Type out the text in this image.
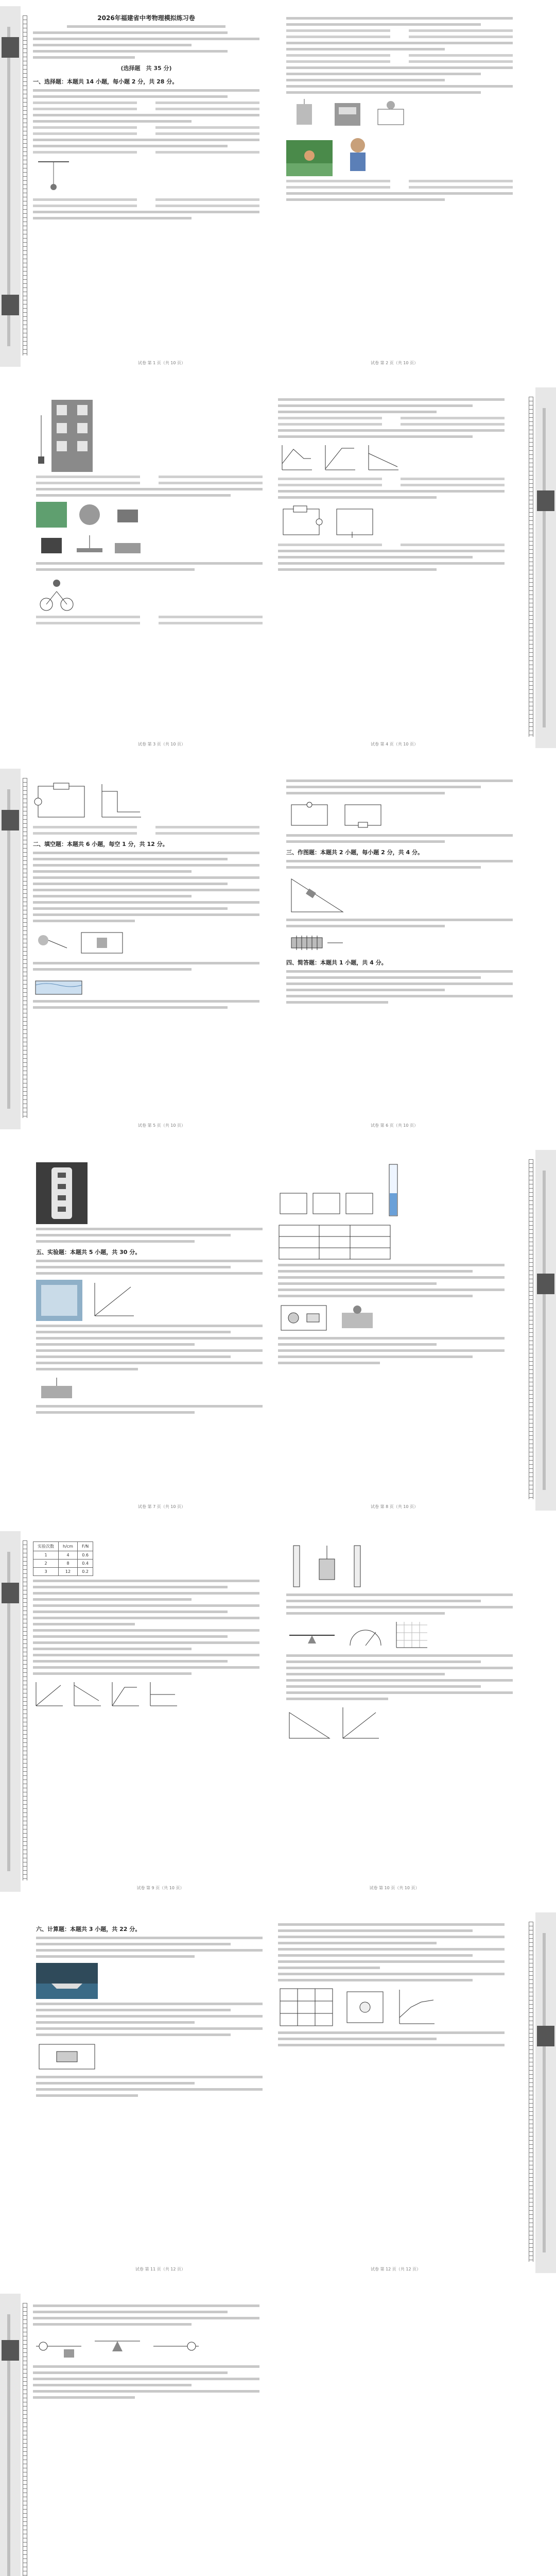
2026年福建省中考物理模拟练习卷
(选择题　共 35 分)
一、选择题：本题共 14 小题，每小题 2 分，共 28 分。
试卷 第 1 页（共 10 页）	试卷 第 2 页（共 10 页）
试卷 第 3 页（共 10 页）	试卷 第 4 页（共 10 页）
二、填空题：本题共 6 小题，每空 1 分，共 12 分。
三、作图题：本题共 2 小题，每小题 2 分，共 4 分。
四、简答题：本题共 1 小题，共 4 分。
试卷 第 5 页（共 10 页）	试卷 第 6 页（共 10 页）
五、实验题：本题共 5 小题，共 30 分。
试卷 第 7 页（共 10 页）	试卷 第 8 页（共 10 页）
实验次数	h/cm	F/N
1	4	0.6
2	8	0.4
3	12	0.2
试卷 第 9 页（共 10 页）	试卷 第 10 页（共 10 页）
六、计算题：本题共 3 小题，共 22 分。
试卷 第 11 页（共 12 页）	试卷 第 12 页（共 12 页）
